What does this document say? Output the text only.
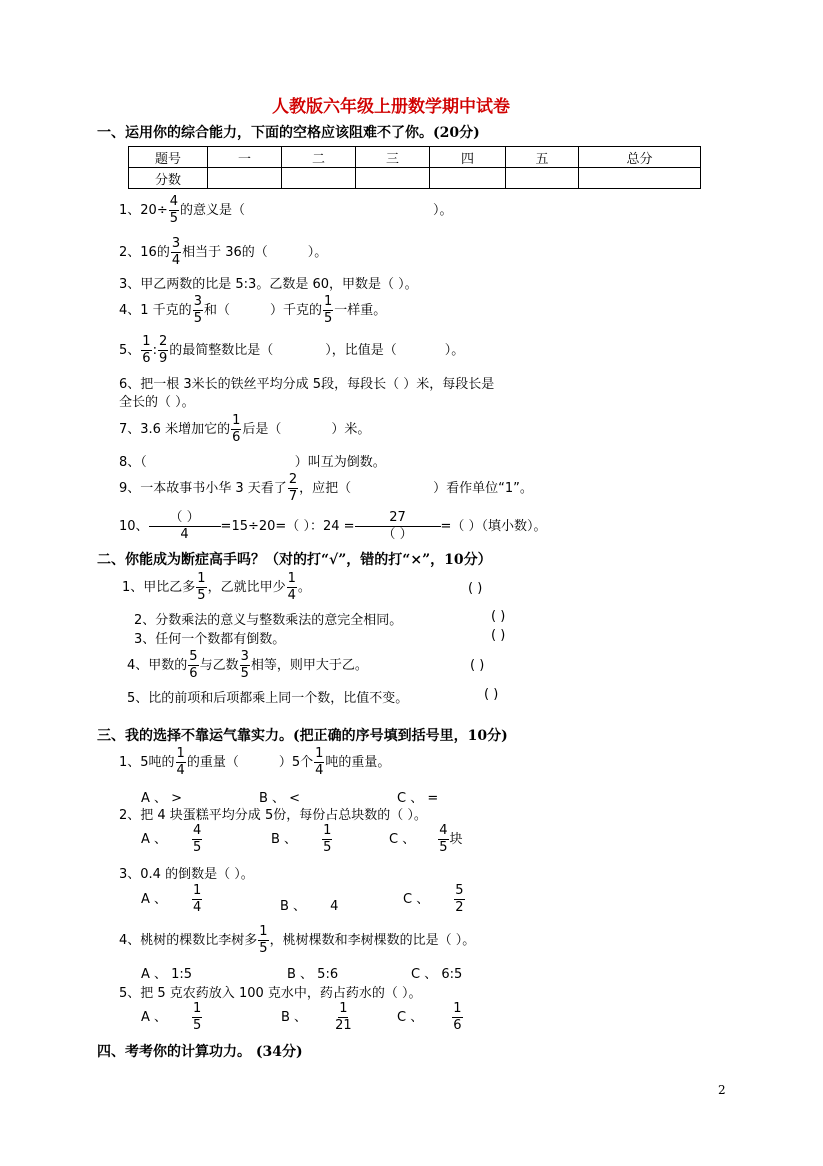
人教版六年级上册数学期中试卷
一、运用你的综合能力，下面的空格应该阻难不了你。(20分)
题号	一	二	三	四	五	总分
分数						
1、$20\div \frac{4}{5}$ 的意义是（	）。
2、16的 $\frac{3}{4}$ 相当于 36的（	）。
3、甲乙两数的比是 5:3。乙数是 60，甲数是（ ）。
4、1 千克的 $\frac{3}{5}$ 和（	）千克的 $\frac{1}{5}$ 一样重。
5、 $\frac{1}{6}$ : $\frac{2}{9}$ 的最简整数比是（	），比值是（	）。
6、把一根 3米长的铁丝平均分成 5段，每段长（ ）米，每段长是
全长的（ ）。
7、3.6 米增加它的 $\frac{1}{6}$ 后是（	）米。
8、（	）叫互为倒数。
9、一本故事书小华 3 天看了 $\frac{2}{7}$ ，应把（	）看作单位“1”。
10、 $\frac{( )}{4} =15\div 20=$（ ）：$24 = \frac{27}{( )}$ =（ ）（填小数）。
二、你能成为断症高手吗？（对的打“√”，错的打“×”，10分）
1、甲比乙多 $\frac{1}{5}$ ，乙就比甲少 $\frac{1}{4}$ 。	( )
2、分数乘法的意义与整数乘法的意完全相同。	( )
3、任何一个数都有倒数。	( )
4、甲数的 $\frac{5}{6}$ 与乙数 $\frac{3}{5}$ 相等，则甲大于乙。	( )
5、比的前项和后项都乘上同一个数，比值不变。	( )
三、我的选择不靠运气靠实力。(把正确的序号填到括号里，10分)
1、5吨的 $\frac{1}{4}$ 的重量（	）5个 $\frac{1}{4}$ 吨的重量。
A 、 >	B 、 <	C 、 =
2、把 4 块蛋糕平均分成 5份，每份占总块数的（ ）。
A 、 $\frac{4}{5}$	B 、 $\frac{1}{5}$	C 、 $\frac{4}{5}$ 块
3、0.4 的倒数是（ ）。
A 、 $\frac{1}{4}$	B 、 4	C 、 $\frac{5}{2}$
4、桃树的棵数比李树多 $\frac{1}{5}$ ，桃树棵数和李树棵数的比是（ ）。
A 、 1:5	B 、 5:6	C 、 6:5
5、把 5 克农药放入 100 克水中，药占药水的（ ）。
A 、 $\frac{1}{5}$	B 、 $\frac{1}{21}$	C 、 $\frac{1}{6}$
四、考考你的计算功力。 (34分)
2
